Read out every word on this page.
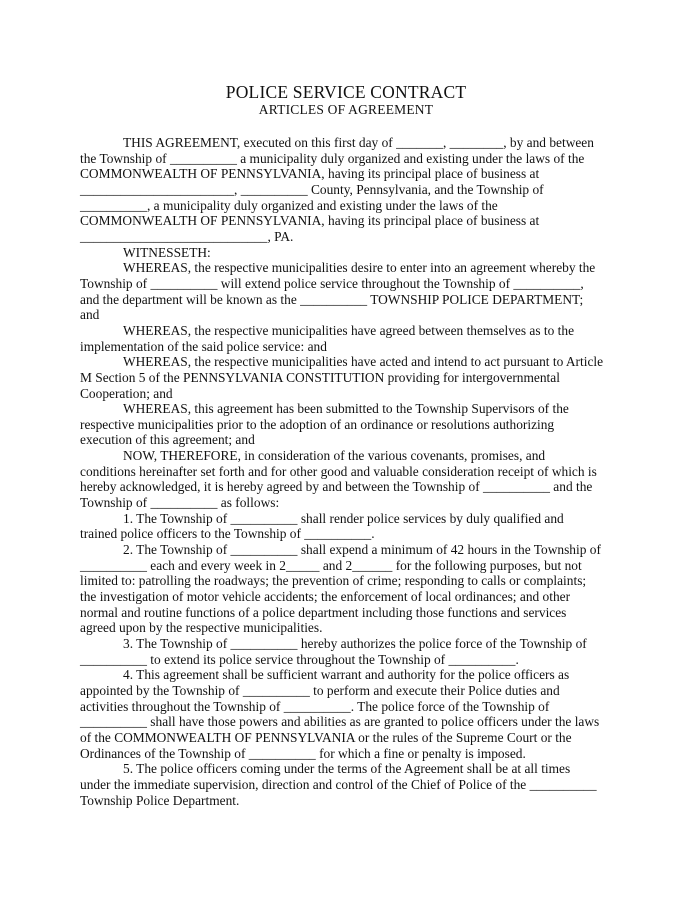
POLICE SERVICE CONTRACT
ARTICLES OF AGREEMENT
THIS AGREEMENT, executed on this first day of _______, ________, by and between
the Township of __________ a municipality duly organized and existing under the laws of the
COMMONWEALTH OF PENNSYLVANIA, having its principal place of business at
_______________________, __________ County, Pennsylvania, and the Township of
__________, a municipality duly organized and existing under the laws of the
COMMONWEALTH OF PENNSYLVANIA, having its principal place of business at
____________________________, PA.
WITNESSETH:
WHEREAS, the respective municipalities desire to enter into an agreement whereby the
Township of __________ will extend police service throughout the Township of __________,
and the department will be known as the __________ TOWNSHIP POLICE DEPARTMENT;
and
WHEREAS, the respective municipalities have agreed between themselves as to the
implementation of the said police service: and
WHEREAS, the respective municipalities have acted and intend to act pursuant to Article
M Section 5 of the PENNSYLVANIA CONSTITUTION providing for intergovernmental
Cooperation; and
WHEREAS, this agreement has been submitted to the Township Supervisors of the
respective municipalities prior to the adoption of an ordinance or resolutions authorizing
execution of this agreement; and
NOW, THEREFORE, in consideration of the various covenants, promises, and
conditions hereinafter set forth and for other good and valuable consideration receipt of which is
hereby acknowledged, it is hereby agreed by and between the Township of __________ and the
Township of __________ as follows:
1. The Township of __________ shall render police services by duly qualified and
trained police officers to the Township of __________.
2. The Township of __________ shall expend a minimum of 42 hours in the Township of
__________ each and every week in 2_____ and 2______ for the following purposes, but not
limited to: patrolling the roadways; the prevention of crime; responding to calls or complaints;
the investigation of motor vehicle accidents; the enforcement of local ordinances; and other
normal and routine functions of a police department including those functions and services
agreed upon by the respective municipalities.
3. The Township of __________ hereby authorizes the police force of the Township of
__________ to extend its police service throughout the Township of __________.
4. This agreement shall be sufficient warrant and authority for the police officers as
appointed by the Township of __________ to perform and execute their Police duties and
activities throughout the Township of __________. The police force of the Township of
__________ shall have those powers and abilities as are granted to police officers under the laws
of the COMMONWEALTH OF PENNSYLVANIA or the rules of the Supreme Court or the
Ordinances of the Township of __________ for which a fine or penalty is imposed.
5. The police officers coming under the terms of the Agreement shall be at all times
under the immediate supervision, direction and control of the Chief of Police of the __________
Township Police Department.
